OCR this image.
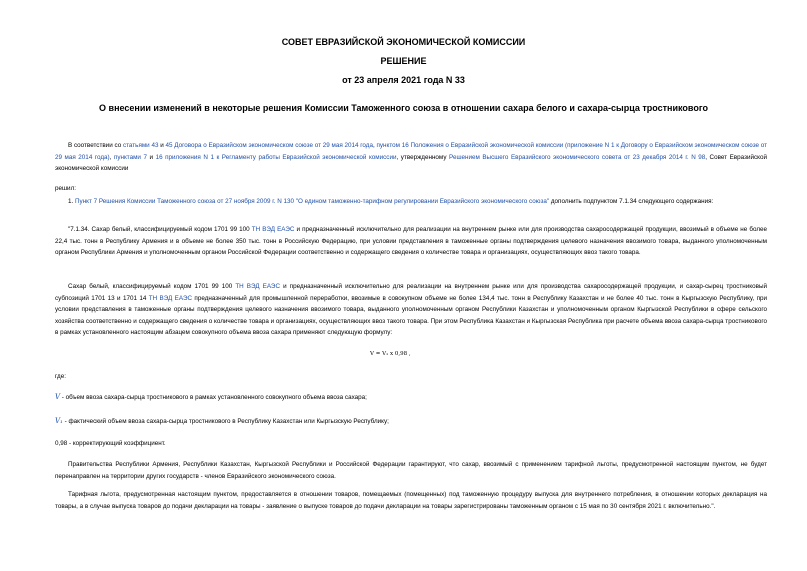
СОВЕТ ЕВРАЗИЙСКОЙ ЭКОНОМИЧЕСКОЙ КОМИССИИ
РЕШЕНИЕ
от 23 апреля 2021 года N 33
О внесении изменений в некоторые решения Комиссии Таможенного союза в отношении сахара белого и сахара-сырца тростникового

В соответствии со статьями 43 и 45 Договора о Евразийском экономическом союзе от 29 мая 2014 года, пунктом 16 Положения о Евразийской экономической комиссии (приложение N 1 к Договору о Евразийском экономическом союзе от 29 мая 2014 года), пунктами 7 и 16 приложения N 1 к Регламенту работы Евразийской экономической комиссии, утвержденному Решением Высшего Евразийского экономического совета от 23 декабря 2014 г. N 98, Совет Евразийской экономической комиссии

решил:

1. Пункт 7 Решения Комиссии Таможенного союза от 27 ноября 2009 г. N 130 "О едином таможенно-тарифном регулировании Евразийского экономического союза" дополнить подпунктом 7.1.34 следующего содержания:

"7.1.34. Сахар белый, классифицируемый кодом 1701 99 100 ТН ВЭД ЕАЭС и предназначенный исключительно для реализации на внутреннем рынке или для производства сахаросодержащей продукции, ввозимый в объеме не более 22,4 тыс. тонн в Республику Армения и в объеме не более 350 тыс. тонн в Российскую Федерацию, при условии представления в таможенные органы подтверждения целевого назначения ввозимого товара, выданного уполномоченным органом Республики Армения и уполномоченным органом Российской Федерации соответственно и содержащего сведения о количестве товара и организациях, осуществляющих ввоз такого товара.

Сахар белый, классифицируемый кодом 1701 99 100 ТН ВЭД ЕАЭС и предназначенный исключительно для реализации на внутреннем рынке или для производства сахаросодержащей продукции, и сахар-сырец тростниковый субпозиций 1701 13 и 1701 14 ТН ВЭД ЕАЭС предназначенный для промышленной переработки, ввозимые в совокупном объеме не более 134,4 тыс. тонн в Республику Казахстан и не более 40 тыс. тонн в Кыргызскую Республику, при условии представления в таможенные органы подтверждения целевого назначения ввозимого товара, выданного уполномоченным органом Республики Казахстан и уполномоченным органом Кыргызской Республики в сфере сельского хозяйства соответственно и содержащего сведения о количестве товара и организациях, осуществляющих ввоз такого товара. При этом Республика Казахстан и Кыргызская Республика при расчете объема ввоза сахара-сырца тростникового в рамках установленного настоящим абзацем совокупного объема ввоза сахара применяют следующую формулу:

V = V₁ x 0,98 ,
где:
V - объем ввоза сахара-сырца тростникового в рамках установленного совокупного объема ввоза сахара;
V₁ - фактический объем ввоза сахара-сырца тростникового в Республику Казахстан или Кыргызскую Республику;
0,98 - корректирующий коэффициент.

Правительства Республики Армения, Республики Казахстан, Кыргызской Республики и Российской Федерации гарантируют, что сахар, ввозимый с применением тарифной льготы, предусмотренной настоящим пунктом, не будет перенаправлен на территории других государств - членов Евразийского экономического союза.

Тарифная льгота, предусмотренная настоящим пунктом, предоставляется в отношении товаров, помещаемых (помещенных) под таможенную процедуру выпуска для внутреннего потребления, в отношении которых декларация на товары, а в случае выпуска товаров до подачи декларации на товары - заявление о выпуске товаров до подачи декларации на товары зарегистрированы таможенным органом с 15 мая по 30 сентября 2021 г. включительно.".
